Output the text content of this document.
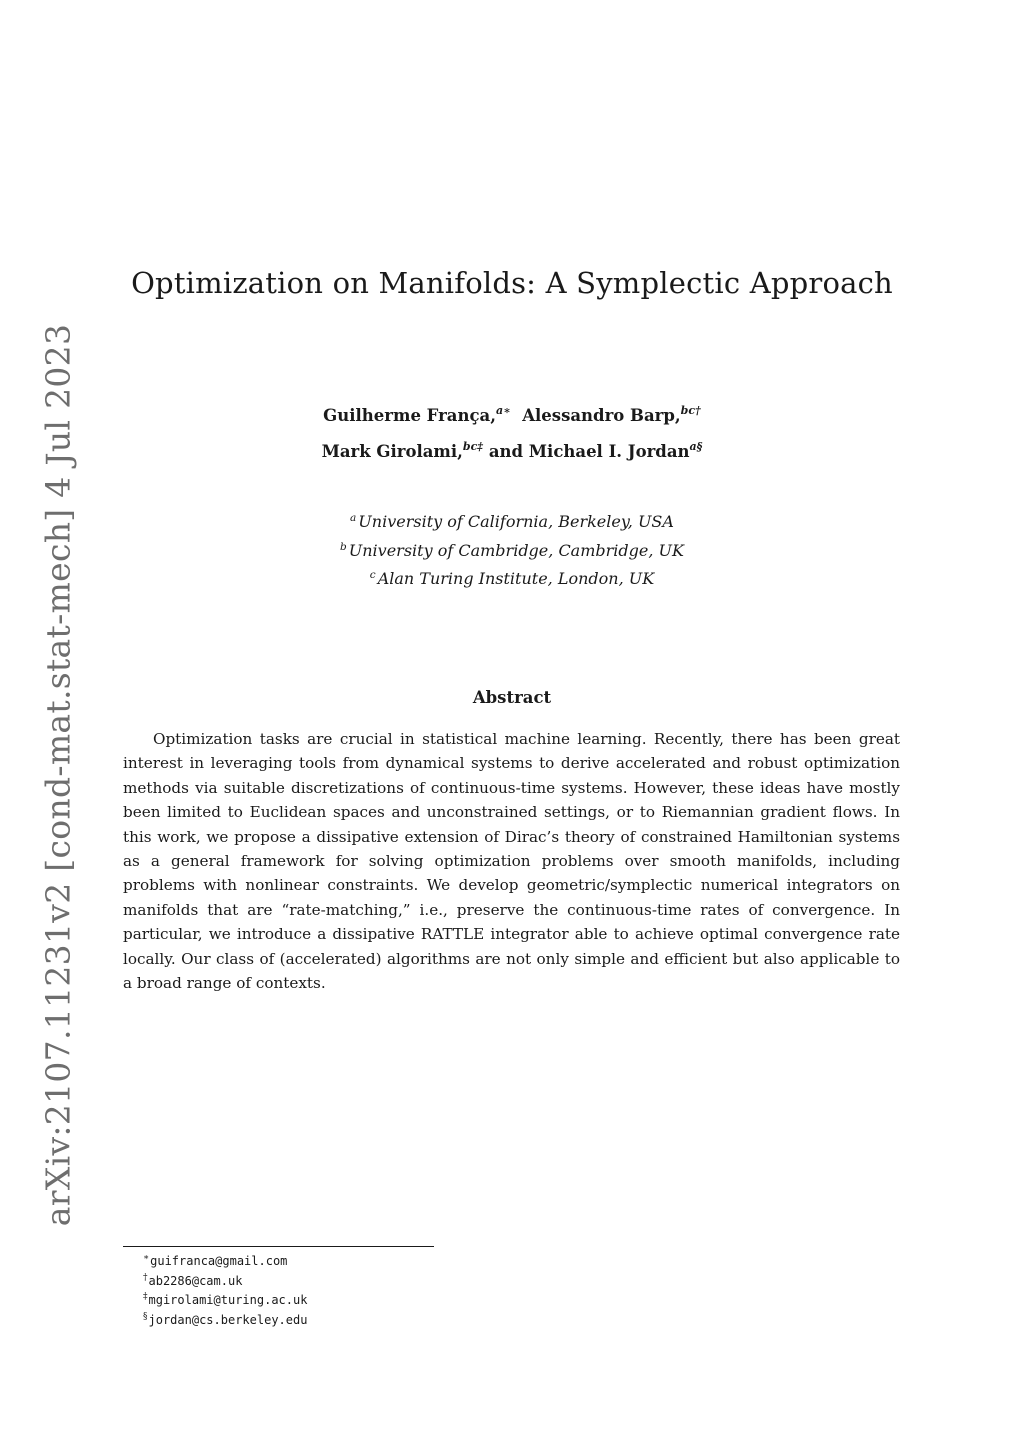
arXiv:2107.11231v2 [cond-mat.stat-mech] 4 Jul 2023
Optimization on Manifolds: A Symplectic Approach
Guilherme França,$^{a∗}$ Alessandro Barp,$^{bc\dagger}$
Mark Girolami,$^{bc\ddagger}$ and Michael I. Jordan$^{a\S}$
$^a$ University of California, Berkeley, USA
$^b$ University of Cambridge, Cambridge, UK
$^c$ Alan Turing Institute, London, UK
Abstract

Optimization tasks are crucial in statistical machine learning. Recently, there has been great interest in leveraging tools from dynamical systems to derive accelerated and robust optimization methods via suitable discretizations of continuous-time systems. However, these ideas have mostly been limited to Euclidean spaces and unconstrained settings, or to Riemannian gradient flows. In this work, we propose a dissipative extension of Dirac’s theory of constrained Hamiltonian systems as a general framework for solving optimization problems over smooth manifolds, including problems with nonlinear constraints. We develop geometric/symplectic numerical integrators on manifolds that are “rate-matching,” i.e., preserve the continuous-time rates of convergence. In particular, we introduce a dissipative RATTLE integrator able to achieve optimal convergence rate locally. Our class of (accelerated) algorithms are not only simple and efficient but also applicable to a broad range of contexts.

∗guifranca@gmail.com
†ab2286@cam.uk
‡mgirolami@turing.ac.uk
§jordan@cs.berkeley.edu
